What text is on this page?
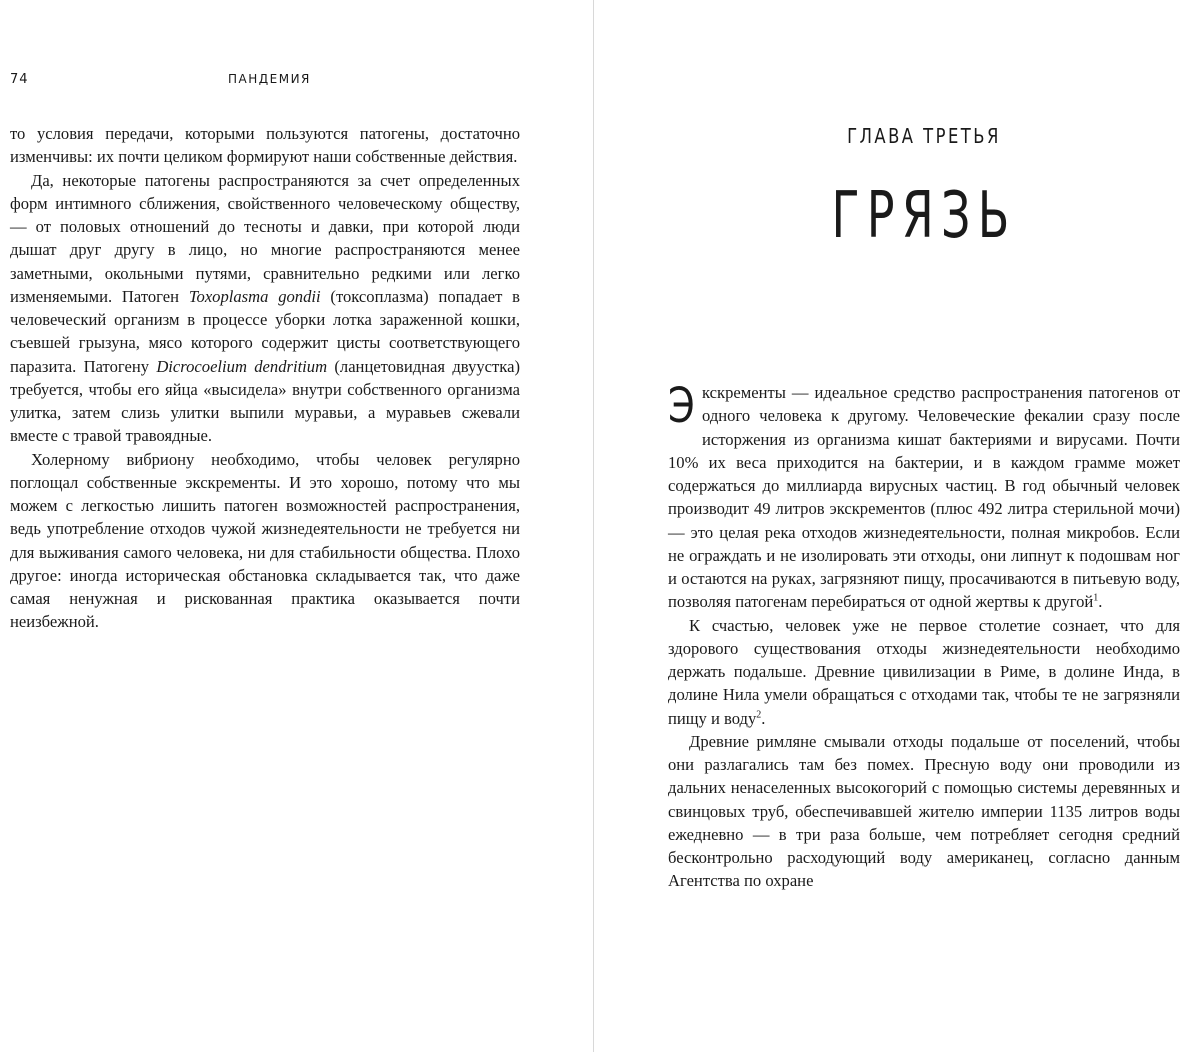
74	ПАНДЕМИЯ

то условия передачи, которыми пользуются патогены, достаточно изменчивы: их почти целиком формируют наши собственные действия.

Да, некоторые патогены распространяются за счет определенных форм интимного сближения, свойственного человеческому обществу, — от половых отношений до тесноты и давки, при которой люди дышат друг другу в лицо, но многие распространяются менее заметными, окольными путями, сравнительно редкими или легко изменяемыми. Патоген Toxoplasma gondii (токсоплазма) попадает в человеческий организм в процессе уборки лотка зараженной кошки, съевшей грызуна, мясо которого содержит цисты соответствующего паразита. Патогену Dicrocoelium dendritium (ланцетовидная двуустка) требуется, чтобы его яйца «высидела» внутри собственного организма улитка, затем слизь улитки выпили муравьи, а муравьев сжевали вместе с травой травоядные.

Холерному вибриону необходимо, чтобы человек регулярно поглощал собственные экскременты. И это хорошо, потому что мы можем с легкостью лишить патоген возможностей распространения, ведь употребление отходов чужой жизнедеятельности не требуется ни для выживания самого человека, ни для стабильности общества. Плохо другое: иногда историческая обстановка складывается так, что даже самая ненужная и рискованная практика оказывается почти неизбежной.

ГЛАВА ТРЕТЬЯ
ГРЯЗЬ

Экскременты — идеальное средство распространения патогенов от одного человека к другому. Человеческие фекалии сразу после исторжения из организма кишат бактериями и вирусами. Почти 10% их веса приходится на бактерии, и в каждом грамме может содержаться до миллиарда вирусных частиц. В год обычный человек производит 49 литров экскрементов (плюс 492 литра стерильной мочи) — это целая река отходов жизнедеятельности, полная микробов. Если не ограждать и не изолировать эти отходы, они липнут к подошвам ног и остаются на руках, загрязняют пищу, просачиваются в питьевую воду, позволяя патогенам перебираться от одной жертвы к другой$^1$.

К счастью, человек уже не первое столетие сознает, что для здорового существования отходы жизнедеятельности необходимо держать подальше. Древние цивилизации в Риме, в долине Инда, в долине Нила умели обращаться с отходами так, чтобы те не загрязняли пищу и воду$^2$.

Древние римляне смывали отходы подальше от поселений, чтобы они разлагались там без помех. Пресную воду они проводили из дальних ненаселенных высокогорий с помощью системы деревянных и свинцовых труб, обеспечивавшей жителю империи 1135 литров воды ежедневно — в три раза больше, чем потребляет сегодня средний бесконтрольно расходующий воду американец, согласно данным Агентства по охране
